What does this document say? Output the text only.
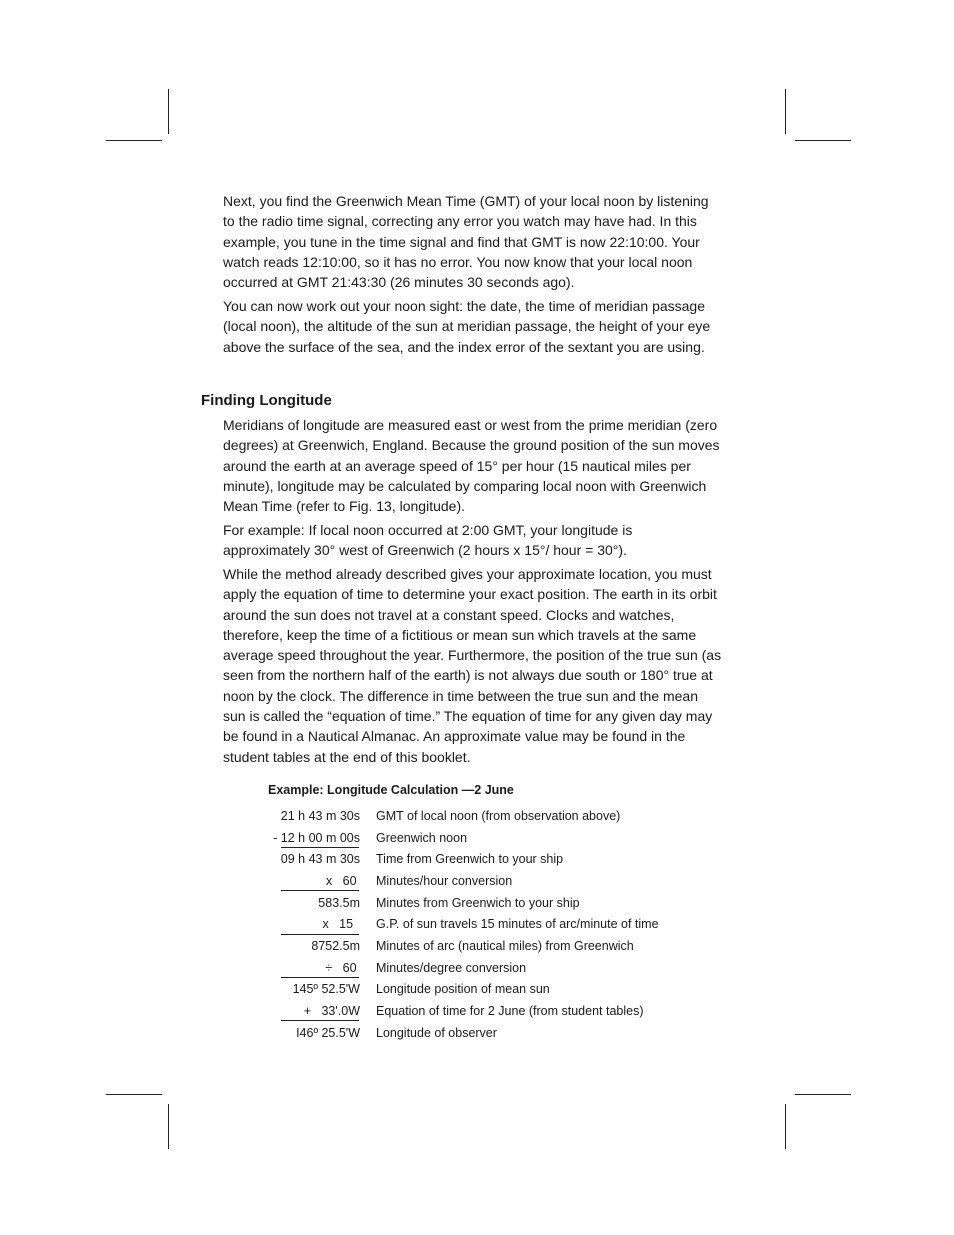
Next, you find the Greenwich Mean Time (GMT) of your local noon by listening to the radio time signal, correcting any error you watch may have had. In this example, you tune in the time signal and find that GMT is now 22:10:00. Your watch reads 12:10:00, so it has no error. You now know that your local noon occurred at GMT 21:43:30 (26 minutes 30 seconds ago).

You can now work out your noon sight: the date, the time of meridian passage (local noon), the altitude of the sun at meridian passage, the height of your eye above the surface of the sea, and the index error of the sextant you are using.

Finding Longitude

Meridians of longitude are measured east or west from the prime meridian (zero degrees) at Greenwich, England. Because the ground position of the sun moves around the earth at an average speed of 15° per hour (15 nautical miles per minute), longitude may be calculated by comparing local noon with Greenwich Mean Time (refer to Fig. 13, longitude).

For example: If local noon occurred at 2:00 GMT, your longitude is approximately 30° west of Greenwich (2 hours x 15°/ hour = 30°).

While the method already described gives your approximate location, you must apply the equation of time to determine your exact position. The earth in its orbit around the sun does not travel at a constant speed. Clocks and watches, therefore, keep the time of a fictitious or mean sun which travels at the same average speed throughout the year. Furthermore, the position of the true sun (as seen from the northern half of the earth) is not always due south or 180° true at noon by the clock. The difference in time between the true sun and the mean sun is called the “equation of time.” The equation of time for any given day may be found in a Nautical Almanac. An approximate value may be found in the student tables at the end of this booklet.

Example: Longitude Calculation —2 June
21 h 43 m 30s GMT of local noon (from observation above)
- 12 h 00 m 00s Greenwich noon
09 h 43 m 30s Time from Greenwich to your ship
x   60 Minutes/hour conversion
583.5m Minutes from Greenwich to your ship
x   15 G.P. of sun travels 15 minutes of arc/minute of time
8752.5m Minutes of arc (nautical miles) from Greenwich
÷   60 Minutes/degree conversion
145º 52.5'W Longitude position of mean sun
+   33'.0W Equation of time for 2 June (from student tables)
I46º 25.5'W Longitude of observer
